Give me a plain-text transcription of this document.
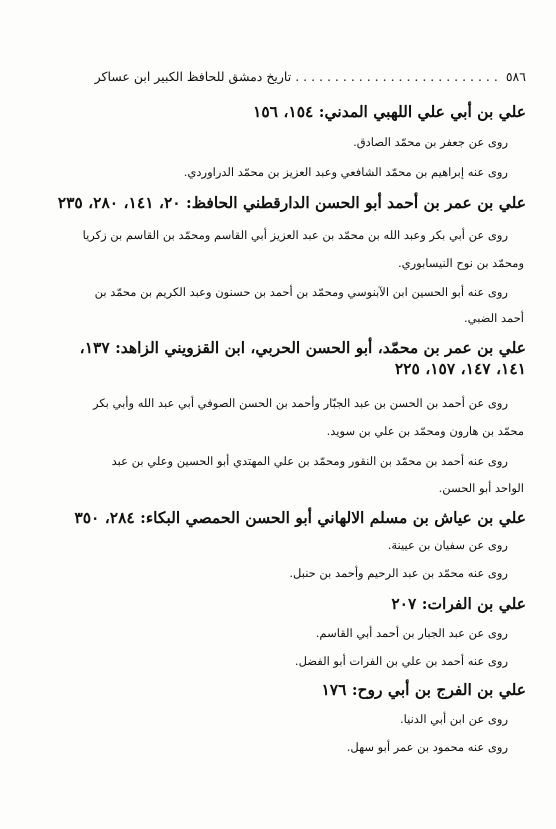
٥٨٦ . . . . . . . . . . . . . . . . . . . . . . . . . . تاريخ دمشق للحافظ الكبير ابن عساكر
علي بن أبي علي اللهبي المدني: ١٥٤، ١٥٦
روى عن جعفر بن محمّد الصادق.
روى عنه إبراهيم بن محمّد الشافعي وعبد العزيز بن محمّد الدراوردي.
علي بن عمر بن أحمد أبو الحسن الدارقطني الحافظ: ٢٠، ١٤١، ٢٨٠، ٢٣٥
روى عن أبي بكر وعبد الله بن محمّد بن عبد العزيز أبي القاسم ومحمّد بن القاسم بن زكريا
ومحمّد بن نوح النيسابوري.
روى عنه أبو الحسين ابن الآبنوسي ومحمّد بن أحمد بن حسنون وعبد الكريم بن محمّد بن
أحمد الضبي.
علي بن عمر بن محمّد، أبو الحسن الحربي، ابن القزويني الزاهد: ١٣٧،
١٤١، ١٤٧، ١٥٧، ٢٢٥
روى عن أحمد بن الحسن بن عبد الجبّار وأحمد بن الحسن الصوفي أبي عبد الله وأبي بكر
محمّد بن هارون ومحمّد بن علي بن سويد.
روى عنه أحمد بن محمّد بن النقور ومحمّد بن علي المهتدي أبو الحسين وعلي بن عبد
الواحد أبو الحسن.
علي بن عياش بن مسلم الالهاني أبو الحسن الحمصي البكاء: ٢٨٤، ٣٥٠
روى عن سفيان بن عيينة.
روى عنه محمّد بن عبد الرحيم وأحمد بن حنبل.
علي بن الفرات: ٢٠٧
روى عن عبد الجبار بن أحمد أبي القاسم.
روى عنه أحمد بن علي بن الفرات أبو الفضل.
علي بن الفرج بن أبي روح: ١٧٦
روى عن ابن أبي الدنيا.
روى عنه محمود بن عمر أبو سهل.
